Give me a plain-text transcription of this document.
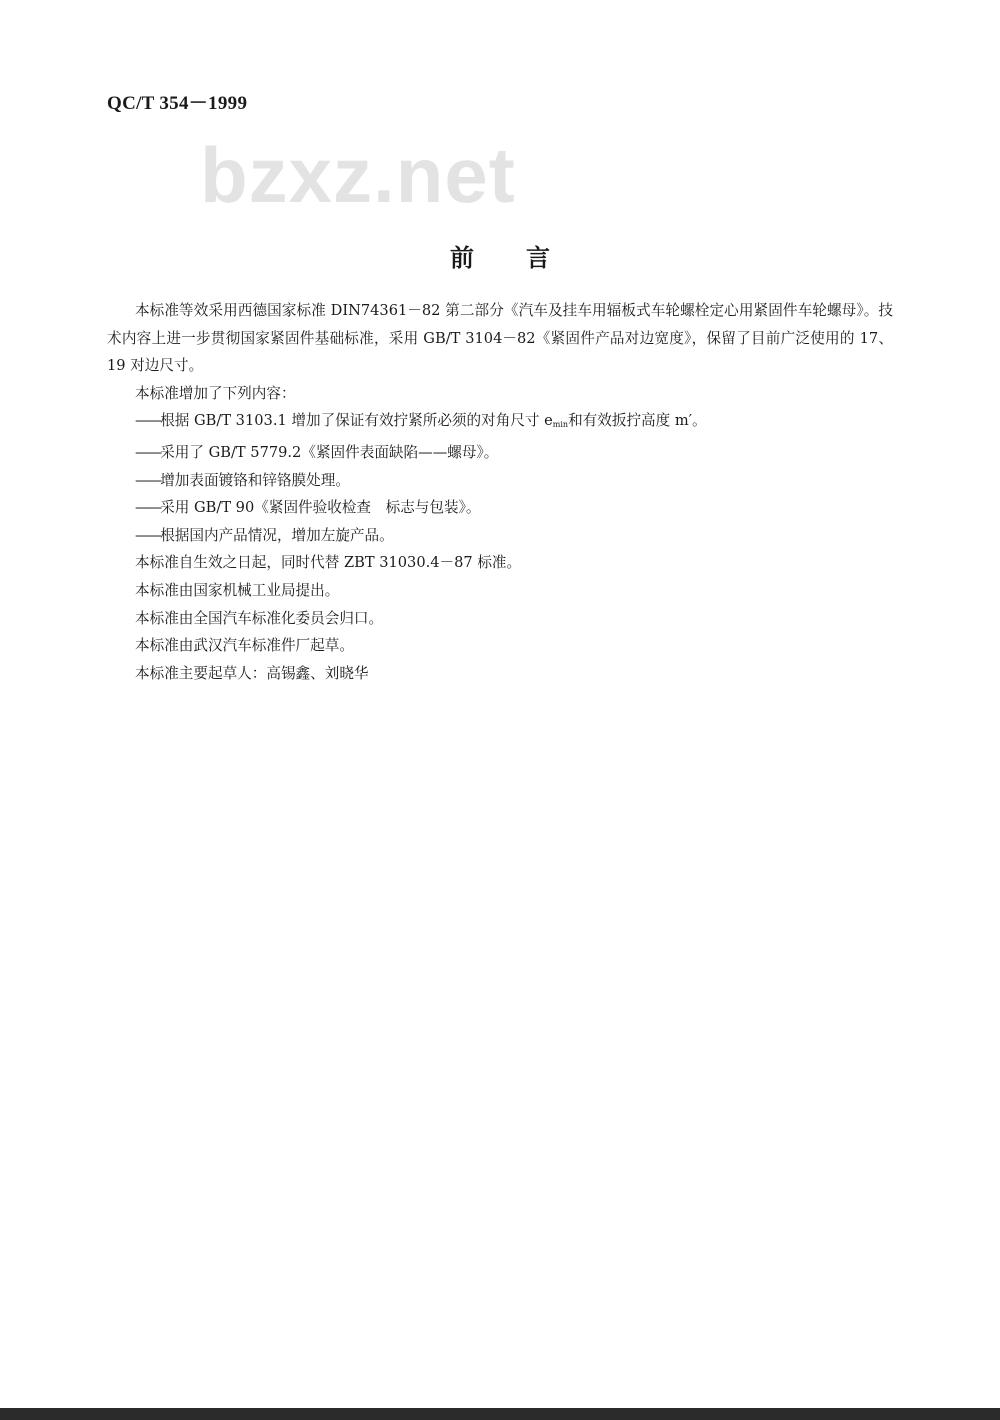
QC/T 354－1999
bzxz.net
前 言

本标准等效采用西德国家标准 DIN74361－82 第二部分《汽车及挂车用辐板式车轮螺栓定心用紧固件车轮螺母》。技术内容上进一步贯彻国家紧固件基础标准，采用 GB/T 3104－82《紧固件产品对边宽度》，保留了目前广泛使用的 17、19 对边尺寸。

本标准增加了下列内容：

——根据 GB/T 3103.1 增加了保证有效拧紧所必须的对角尺寸 $e_{min}$和有效扳拧高度 m′。

——采用了 GB/T 5779.2《紧固件表面缺陷——螺母》。

——增加表面镀铬和锌铬膜处理。

——采用 GB/T 90《紧固件验收检查　标志与包装》。

——根据国内产品情况，增加左旋产品。

本标准自生效之日起，同时代替 ZBT 31030.4－87 标准。

本标准由国家机械工业局提出。

本标准由全国汽车标准化委员会归口。

本标准由武汉汽车标准件厂起草。

本标准主要起草人：高锡鑫、刘晓华
